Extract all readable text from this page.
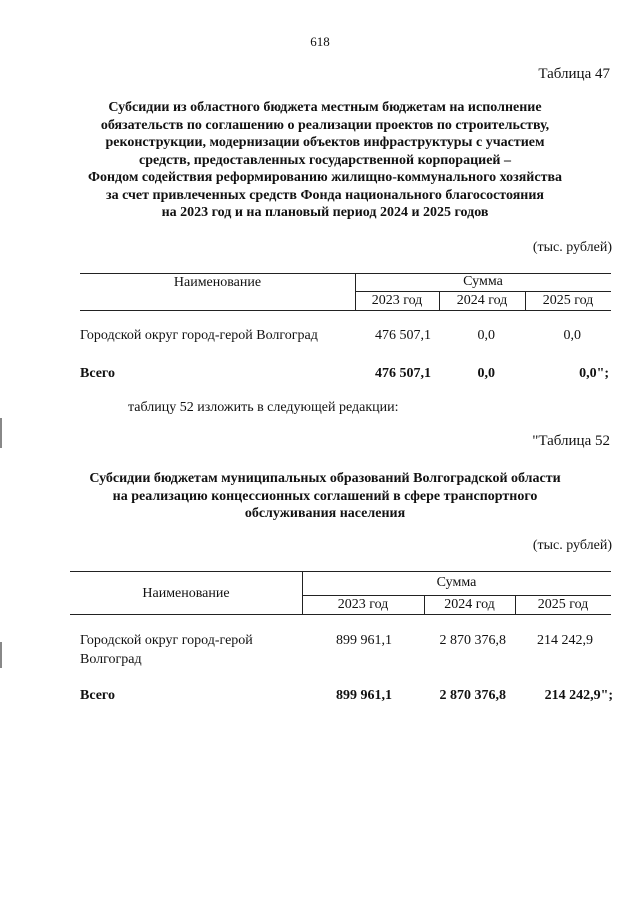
618
Таблица 47
Субсидии из областного бюджета местным бюджетам на исполнение
обязательств по соглашению о реализации проектов по строительству,
реконструкции, модернизации объектов инфраструктуры с участием
средств, предоставленных государственной корпорацией –
Фондом содействия реформированию жилищно-коммунального хозяйства
за счет привлеченных средств Фонда национального благосостояния
на 2023 год и на плановый период 2024 и 2025 годов
(тыс. рублей)
Наименование	Сумма
2023 год	2024 год	2025 год
Городской округ город-герой Волгоград	476 507,1	0,0	0,0
Всего	476 507,1	0,0	0,0";
таблицу 52 изложить в следующей редакции:
"Таблица 52
Субсидии бюджетам муниципальных образований Волгоградской области
на реализацию концессионных соглашений в сфере транспортного
обслуживания населения
(тыс. рублей)
Наименование
Сумма
2023 год	2024 год	2025 год
Городской округ город-герой
Волгоград
899 961,1	2 870 376,8	214 242,9
Всего	899 961,1	2 870 376,8	214 242,9";
